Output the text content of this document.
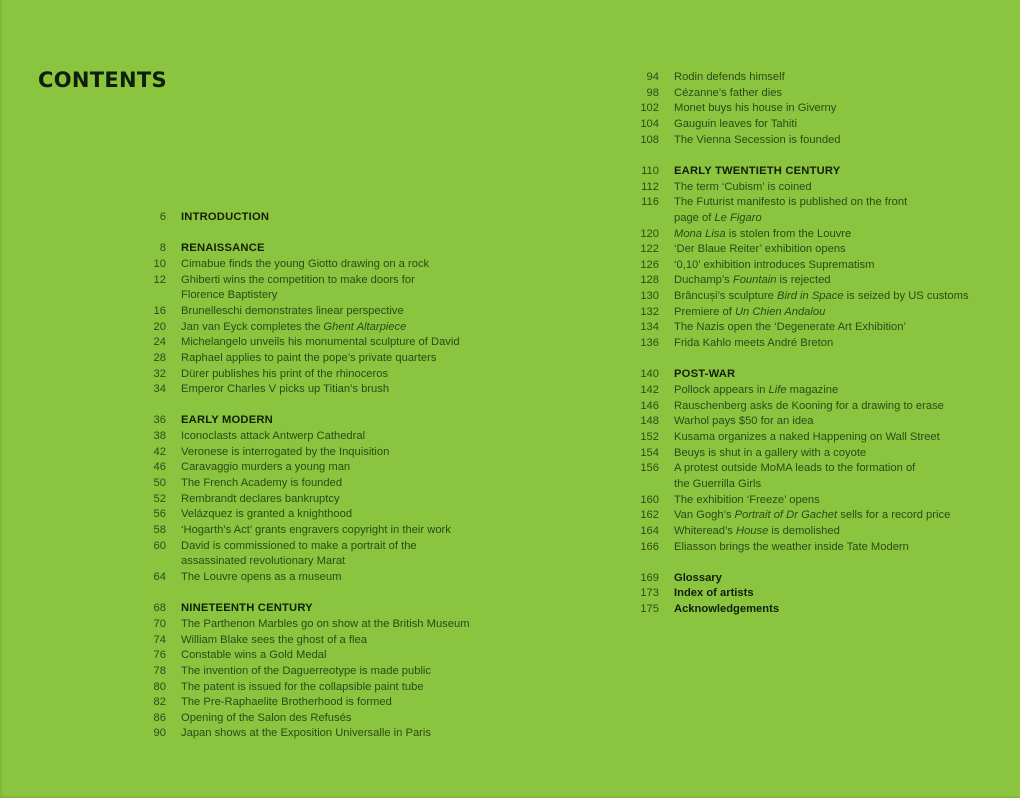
CONTENTS
6	INTRODUCTION
8	RENAISSANCE
10	Cimabue finds the young Giotto drawing on a rock
12	Ghiberti wins the competition to make doors for
Florence Baptistery
16	Brunelleschi demonstrates linear perspective
20	Jan van Eyck completes the Ghent Altarpiece
24	Michelangelo unveils his monumental sculpture of David
28	Raphael applies to paint the pope’s private quarters
32	Dürer publishes his print of the rhinoceros
34	Emperor Charles V picks up Titian’s brush
36	EARLY MODERN
38	Iconoclasts attack Antwerp Cathedral
42	Veronese is interrogated by the Inquisition
46	Caravaggio murders a young man
50	The French Academy is founded
52	Rembrandt declares bankruptcy
56	Velázquez is granted a knighthood
58	‘Hogarth’s Act’ grants engravers copyright in their work
60	David is commissioned to make a portrait of the
assassinated revolutionary Marat
64	The Louvre opens as a museum
68	NINETEENTH CENTURY
70	The Parthenon Marbles go on show at the British Museum
74	William Blake sees the ghost of a flea
76	Constable wins a Gold Medal
78	The invention of the Daguerreotype is made public
80	The patent is issued for the collapsible paint tube
82	The Pre-Raphaelite Brotherhood is formed
86	Opening of the Salon des Refusés
90	Japan shows at the Exposition Universalle in Paris
94	Rodin defends himself
98	Cézanne’s father dies
102	Monet buys his house in Giverny
104	Gauguin leaves for Tahiti
108	The Vienna Secession is founded
110	EARLY TWENTIETH CENTURY
112	The term ‘Cubism’ is coined
116	The Futurist manifesto is published on the front
page of Le Figaro
120	Mona Lisa is stolen from the Louvre
122	‘Der Blaue Reiter’ exhibition opens
126	‘0,10’ exhibition introduces Suprematism
128	Duchamp’s Fountain is rejected
130	Brâncuși’s sculpture Bird in Space is seized by US customs
132	Premiere of Un Chien Andalou
134	The Nazis open the ‘Degenerate Art Exhibition’
136	Frida Kahlo meets André Breton
140	POST-WAR
142	Pollock appears in Life magazine
146	Rauschenberg asks de Kooning for a drawing to erase
148	Warhol pays $50 for an idea
152	Kusama organizes a naked Happening on Wall Street
154	Beuys is shut in a gallery with a coyote
156	A protest outside MoMA leads to the formation of
the Guerrilla Girls
160	The exhibition ‘Freeze’ opens
162	Van Gogh’s Portrait of Dr Gachet sells for a record price
164	Whiteread’s House is demolished
166	Eliasson brings the weather inside Tate Modern
169	Glossary
173	Index of artists
175	Acknowledgements
